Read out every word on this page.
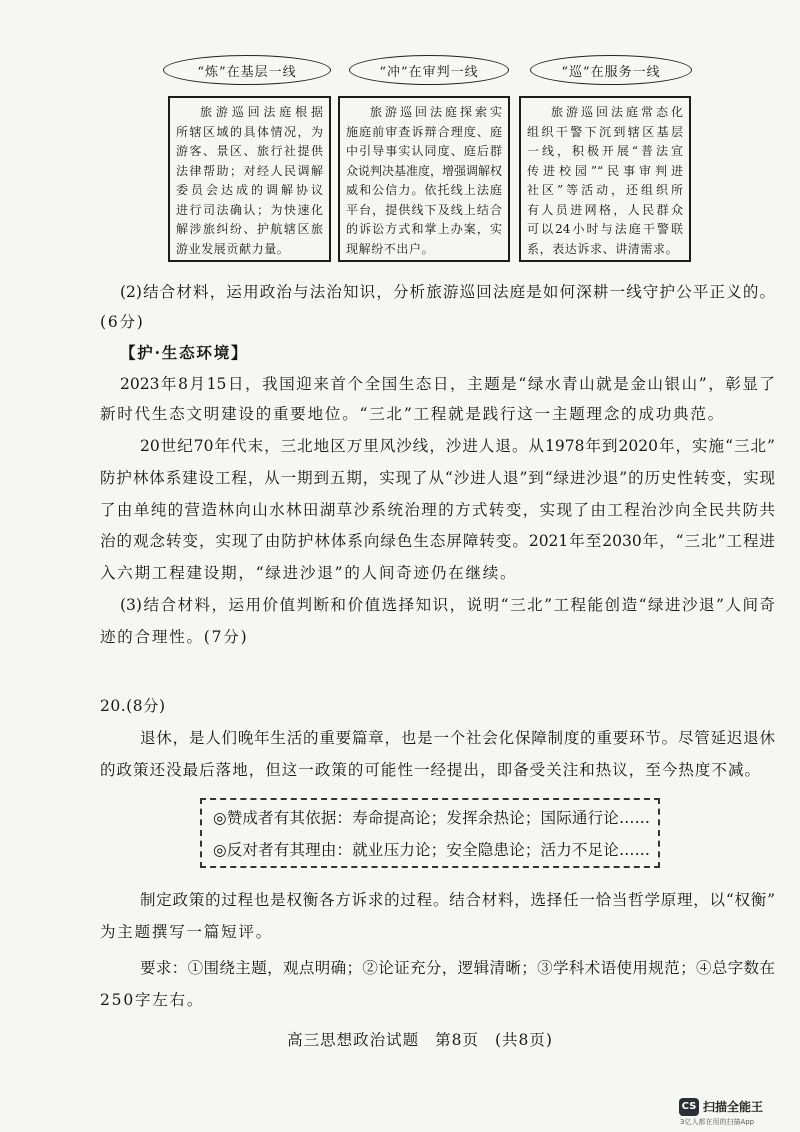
“炼”在基层一线	“冲”在审判一线	“巡”在服务一线
旅游巡回法庭根据
所辖区域的具体情况，为
游客、景区、旅行社提供
法律帮助；对经人民调解
委员会达成的调解协议
进行司法确认；为快速化
解涉旅纠纷、护航辖区旅
游业发展贡献力量。
旅游巡回法庭探索实
施庭前审查诉辩合理度、庭
中引导事实认同度、庭后群
众说判决基准度，增强调解权
威和公信力。依托线上法庭
平台，提供线下及线上结合
的诉讼方式和掌上办案，实
现解纷不出户。
旅游巡回法庭常态化
组织干警下沉到辖区基层
一线，积极开展“普法宣
传进校园”“民事审判进
社区”等活动，还组织所
有人员进网格，人民群众
可以24小时与法庭干警联
系，表达诉求、讲清需求。
(2)结合材料，运用政治与法治知识，分析旅游巡回法庭是如何深耕一线守护公平正义的。
(6分)
【护·生态环境】
2023年8月15日，我国迎来首个全国生态日，主题是“绿水青山就是金山银山”，彰显了
新时代生态文明建设的重要地位。“三北”工程就是践行这一主题理念的成功典范。
20世纪70年代末，三北地区万里风沙线，沙进人退。从1978年到2020年，实施“三北”
防护林体系建设工程，从一期到五期，实现了从“沙进人退”到“绿进沙退”的历史性转变，实现
了由单纯的营造林向山水林田湖草沙系统治理的方式转变，实现了由工程治沙向全民共防共
治的观念转变，实现了由防护林体系向绿色生态屏障转变。2021年至2030年，“三北”工程进
入六期工程建设期，“绿进沙退”的人间奇迹仍在继续。
(3)结合材料，运用价值判断和价值选择知识，说明“三北”工程能创造“绿进沙退”人间奇
迹的合理性。(7分)
20.(8分)
退休，是人们晚年生活的重要篇章，也是一个社会化保障制度的重要环节。尽管延迟退休
的政策还没最后落地，但这一政策的可能性一经提出，即备受关注和热议，至今热度不减。
◎赞成者有其依据：寿命提高论；发挥余热论；国际通行论……
◎反对者有其理由：就业压力论；安全隐患论；活力不足论……
制定政策的过程也是权衡各方诉求的过程。结合材料，选择任一恰当哲学原理，以“权衡”
为主题撰写一篇短评。
要求：①围绕主题，观点明确；②论证充分，逻辑清晰；③学科术语使用规范；④总字数在
250字左右。
高三思想政治试题 第8页 (共8页)
CS 扫描全能王
3亿人都在用的扫描App
